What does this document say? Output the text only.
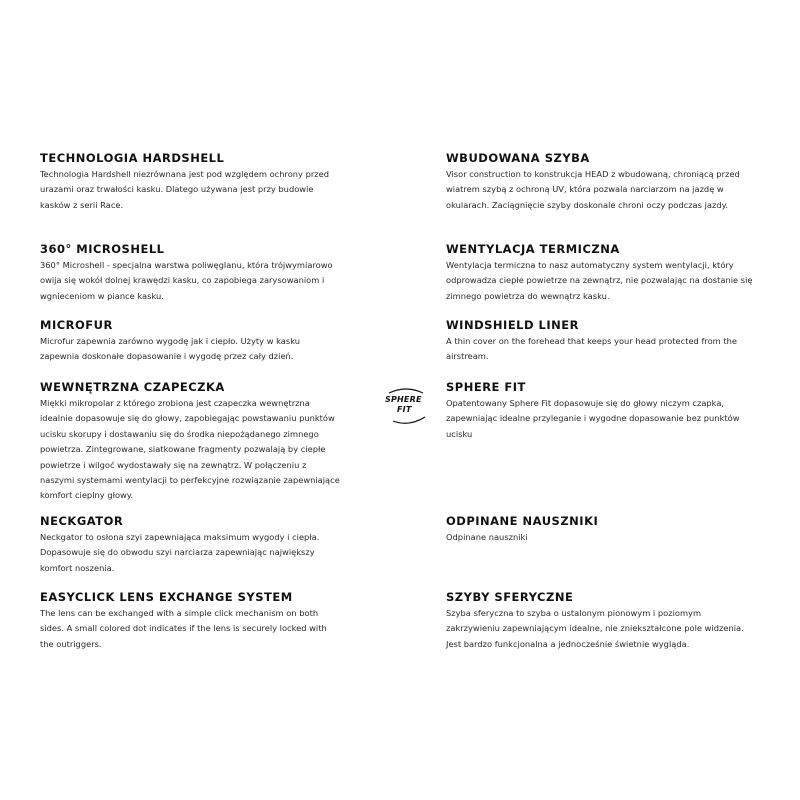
TECHNOLOGIA HARDSHELL

Technologia Hardshell niezrównana jest pod względem ochrony przed urazami oraz trwałości kasku. Dlatego używana jest przy budowie kasków z serii Race.

WBUDOWANA SZYBA

Visor construction to konstrukcja HEAD z wbudowaną, chroniącą przed wiatrem szybą z ochroną UV, która pozwala narciarzom na jazdę w okularach. Zaciągnięcie szyby doskonale chroni oczy podczas jazdy.

360° MICROSHELL

360° Microshell - specjalna warstwa poliwęglanu, która trójwymiarowo owija się wokół dolnej krawędzi kasku, co zapobiega zarysowaniom i wgnieceniom w piance kasku.

WENTYLACJA TERMICZNA

Wentylacja termiczna to nasz automatyczny system wentylacji, który odprowadza ciepłe powietrze na zewnątrz, nie pozwalając na dostanie się zimnego powietrza do wewnątrz kasku.

MICROFUR

Microfur zapewnia zarówno wygodę jak i ciepło. Użyty w kasku zapewnia doskonałe dopasowanie i wygodę przez cały dzień.

WINDSHIELD LINER

A thin cover on the forehead that keeps your head protected from the airstream.

WEWNĘTRZNA CZAPECZKA

Miękki mikropolar z którego zrobiona jest czapeczka wewnętrzna idealnie dopasowuje się do głowy, zapobiegając powstawaniu punktów ucisku skorupy i dostawaniu się do środka niepożądanego zimnego powietrza. Zintegrowane, siatkowane fragmenty pozwalają by ciepłe powietrze i wilgoć wydostawały się na zewnątrz. W połączeniu z naszymi systemami wentylacji to perfekcyjne rozwiązanie zapewniające komfort cieplny głowy.

SPHERE
FIT
SPHERE FIT

Opatentowany Sphere Fit dopasowuje się do głowy niczym czapka, zapewniając idealne przyleganie i wygodne dopasowanie bez punktów ucisku

NECKGATOR

Neckgator to osłona szyi zapewniająca maksimum wygody i ciepła. Dopasowuje się do obwodu szyi narciarza zapewniając największy komfort noszenia.

ODPINANE NAUSZNIKI

Odpinane nauszniki

EASYCLICK LENS EXCHANGE SYSTEM

The lens can be exchanged with a simple click mechanism on both sides. A small colored dot indicates if the lens is securely locked with the outriggers.

SZYBY SFERYCZNE

Szyba sferyczna to szyba o ustalonym pionowym i poziomym zakrzywieniu zapewniającym idealne, nie zniekształcone pole widzenia. Jest bardzo funkcjonalna a jednocześnie świetnie wygląda.
